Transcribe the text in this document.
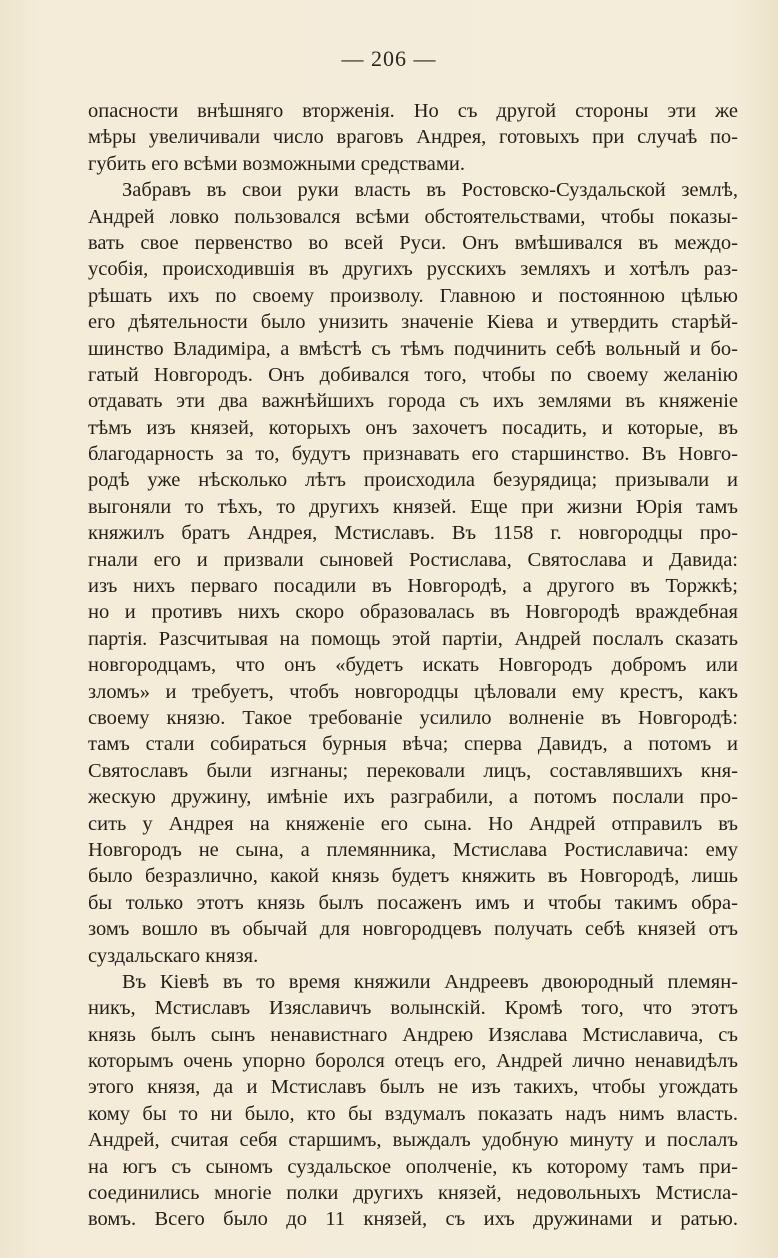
— 206 —
опасности внѣшняго вторженія. Но съ другой стороны эти же
мѣры увеличивали число враговъ Андрея, готовыхъ при случаѣ по-
губить его всѣми возможными средствами.
Забравъ въ свои руки власть въ Ростовско-Суздальской землѣ,
Андрей ловко пользовался всѣми обстоятельствами, чтобы показы-
вать свое первенство во всей Руси. Онъ вмѣшивался въ междо-
усобія, происходившія въ другихъ русскихъ земляхъ и хотѣлъ раз-
рѣшать ихъ по своему произволу. Главною и постоянною цѣлью
его дѣятельности было унизить значеніе Кіева и утвердить старѣй-
шинство Владиміра, а вмѣстѣ съ тѣмъ подчинить себѣ вольный и бо-
гатый Новгородъ. Онъ добивался того, чтобы по своему желанію
отдавать эти два важнѣйшихъ города съ ихъ землями въ княженіе
тѣмъ изъ князей, которыхъ онъ захочетъ посадить, и которые, въ
благодарность за то, будутъ признавать его старшинство. Въ Новго-
родѣ уже нѣсколько лѣтъ происходила безурядица; призывали и
выгоняли то тѣхъ, то другихъ князей. Еще при жизни Юрія тамъ
княжилъ братъ Андрея, Мстиславъ. Въ 1158 г. новгородцы про-
гнали его и призвали сыновей Ростислава, Святослава и Давида:
изъ нихъ перваго посадили въ Новгородѣ, а другого въ Торжкѣ;
но и противъ нихъ скоро образовалась въ Новгородѣ враждебная
партія. Разсчитывая на помощь этой партіи, Андрей послалъ сказать
новгородцамъ, что онъ «будетъ искать Новгородъ добромъ или
зломъ» и требуетъ, чтобъ новгородцы цѣловали ему крестъ, какъ
своему князю. Такое требованіе усилило волненіе въ Новгородѣ:
тамъ стали собираться бурныя вѣча; сперва Давидъ, а потомъ и
Святославъ были изгнаны; перековали лицъ, составлявшихъ кня-
жескую дружину, имѣніе ихъ разграбили, а потомъ послали про-
сить у Андрея на княженіе его сына. Но Андрей отправилъ въ
Новгородъ не сына, а племянника, Мстислава Ростиславича: ему
было безразлично, какой князь будетъ княжить въ Новгородѣ, лишь
бы только этотъ князь былъ посаженъ имъ и чтобы такимъ обра-
зомъ вошло въ обычай для новгородцевъ получать себѣ князей отъ
суздальскаго князя.
Въ Кіевѣ въ то время княжили Андреевъ двоюродный племян-
никъ, Мстиславъ Изяславичъ волынскій. Кромѣ того, что этотъ
князь былъ сынъ ненавистнаго Андрею Изяслава Мстиславича, съ
которымъ очень упорно боролся отецъ его, Андрей лично ненавидѣлъ
этого князя, да и Мстиславъ былъ не изъ такихъ, чтобы угождать
кому бы то ни было, кто бы вздумалъ показать надъ нимъ власть.
Андрей, считая себя старшимъ, выждалъ удобную минуту и послалъ
на югъ съ сыномъ суздальское ополченіе, къ которому тамъ при-
соединились многіе полки другихъ князей, недовольныхъ Мстисла-
вомъ. Всего было до 11 князей, съ ихъ дружинами и ратью.
